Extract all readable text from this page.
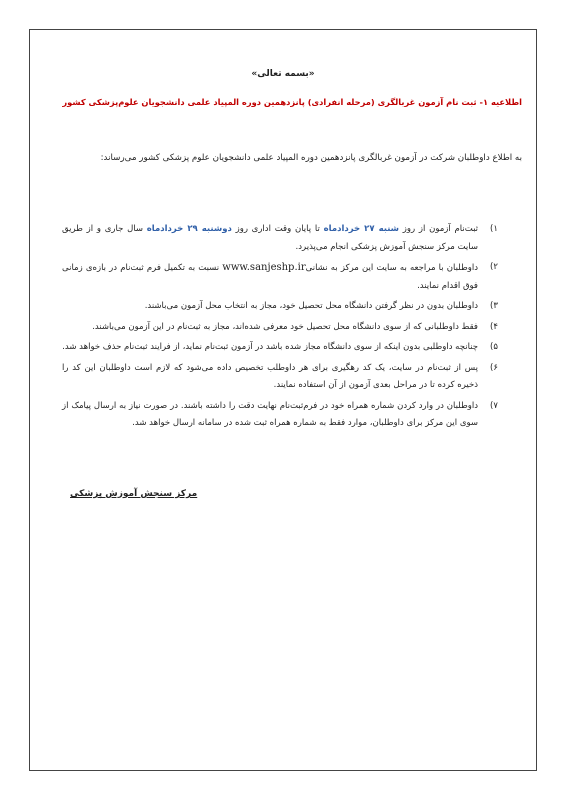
«بسمه تعالی»
اطلاعیه ۱- ثبت نام آزمون غربالگری (مرحله انفرادی) پانزدهمین دوره المپیاد علمی دانشجویان علوم‌پزشکی کشور
به اطلاع داوطلبان شرکت در آزمون غربالگری پانزدهمین دوره المپیاد علمی دانشجویان علوم پزشکی کشور می‌رساند:
۱)
ثبت‌نام آزمون از روز شنبه ۲۷ خردادماه تا پایان وقت اداری روز دوشنبه ۲۹ خردادماه سال جاری و از طریق سایت مرکز سنجش آموزش پزشکی انجام می‌پذیرد.
۲)
داوطلبان با مراجعه به سایت این مرکز به نشانیwww.sanjeshp.ir نسبت به تکمیل فرم ثبت‌نام در بازه‌ی زمانی فوق اقدام نمایند.
۳)
داوطلبان بدون در نظر گرفتن دانشگاه محل تحصیل خود، مجاز به انتخاب محل آزمون می‌باشند.
۴)
فقط داوطلبانی که از سوی دانشگاه محل تحصیل خود معرفی شده‌اند، مجاز به ثبت‌نام در این آزمون می‌باشند.
۵)
چنانچه داوطلبی بدون اینکه از سوی دانشگاه مجاز شده باشد در آزمون ثبت‌نام نماید، از فرایند ثبت‌نام حذف خواهد شد.
۶)
پس از ثبت‌نام در سایت، یک کد رهگیری برای هر داوطلب تخصیص داده می‌شود که لازم است داوطلبان این کد را ذخیره کرده تا در مراحل بعدی آزمون از آن استفاده نمایند.
۷)
داوطلبان در وارد کردن شماره همراه خود در فرم‌ثبت‌نام نهایت دقت را داشته باشند. در صورت نیاز به ارسال پیامک از سوی این مرکز برای داوطلبان، موارد فقط به شماره همراه ثبت شده در سامانه ارسال خواهد شد.
مرکز سنجش آموزش پزشکی
